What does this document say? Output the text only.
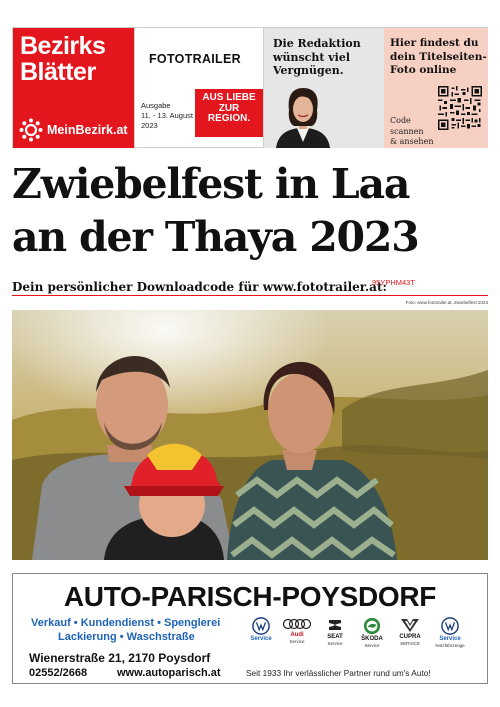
Bezirks
Blätter
MeinBezirk.at
FOTOTRAILER
Ausgabe
11. - 13. August
2023
AUS LIEBE
ZUR
REGION.
Die Redaktion
wünscht viel
Vergnügen.
Hier findest du
dein Titelseiten-
Foto online
Code
scannen
& ansehen
Zwiebelfest in Laa
an der Thaya 2023
Dein persönlicher Downloadcode für www.fototrailer.at:
95YPHM43T
Foto: www.fototrailer.at, Zwiebelfest 2023
AUTO-PARISCH-POYSDORF
Verkauf • Kundendienst • Spenglerei
Lackierung • Waschstraße
Wienerstraße 21, 2170 Poysdorf
02552/2668	www.autoparisch.at	Seit 1933 Ihr verlässlicher Partner rund um's Auto!
Service
Audi
Service
SEAT
Service
ŠKODA
Service
CUPRA
SERVICE
Service
Nutzfahrzeuge
